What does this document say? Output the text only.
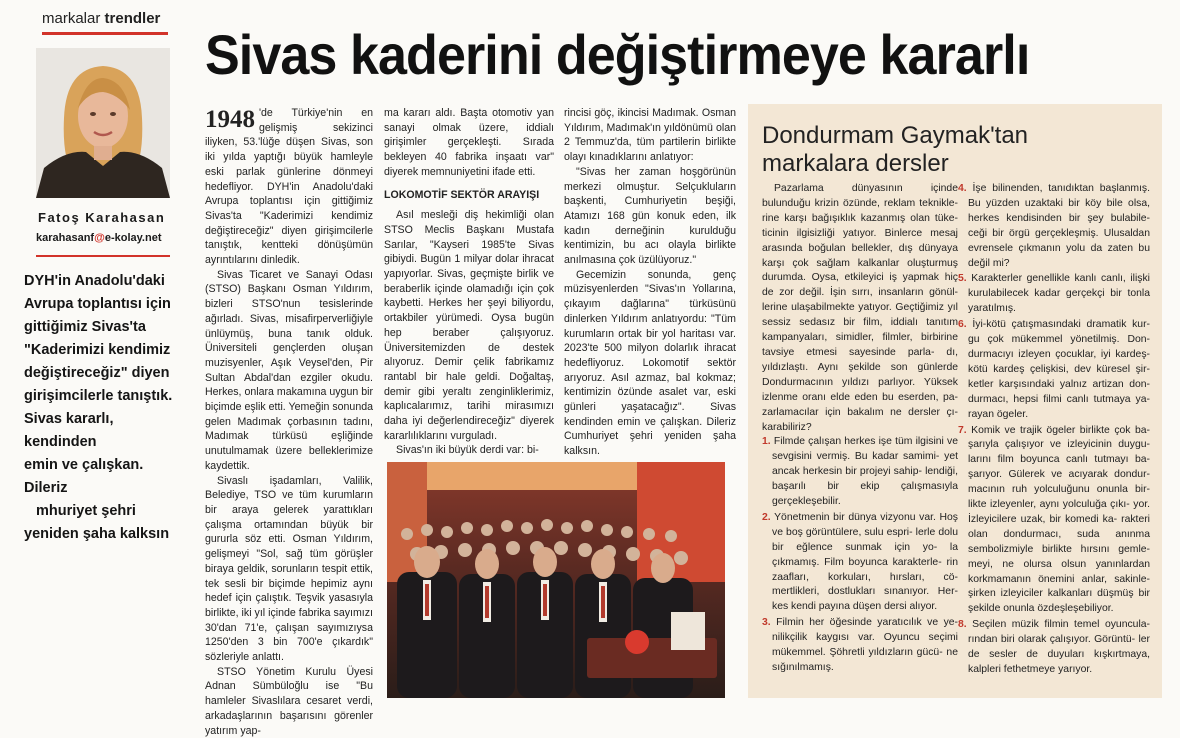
markalar trendler
Sivas kaderini değiştirmeye kararlı
Fatoş Karahasan
karahasanf@e-kolay.net

DYH'in Anadolu'daki

Avrupa toplantısı için

gittiğimiz Sivas'ta

"Kaderimizi kendimiz

değiştireceğiz" diyen

girişimcilerle tanıştık.

Sivas kararlı, kendinden

emin ve çalışkan. Dileriz

mhuriyet şehri

yeniden şaha kalksın

1948 'de Türkiye'nin en gelişmiş sekizinci iliyken, 53.'lüğe düşen Sivas, son iki yılda yaptığı büyük hamleyle eski parlak günlerine dönmeyi hedefliyor. DYH'in Anadolu'daki Avrupa toplantısı için gittiğimiz Sivas'ta "Kaderimizi kendimiz değiştireceğiz" diyen girişimcilerle tanıştık, kentteki dönüşümün ayrıntılarını dinledik.

Sivas Ticaret ve Sanayi Odası (STSO) Başkanı Osman Yıldırım, bizleri STSO'nun tesislerinde ağırladı. Sivas, misafirperverliğiyle ünlüymüş, buna tanık olduk. Üniversiteli gençlerden oluşan muzisyenler, Aşık Veysel'den, Pir Sultan Abdal'dan ezgiler okudu. Herkes, onlara makamına uygun bir biçimde eşlik etti. Yemeğin sonunda gelen Madımak çorbasının tadını, Madımak türküsü eşliğinde unutulmamak üzere belleklerimize kaydettik.

Sivaslı işadamları, Valilik, Belediye, TSO ve tüm kurumların bir araya gelerek yarattıkları çalışma ortamından büyük bir gururla söz etti. Osman Yıldırım, gelişmeyi "Sol, sağ tüm görüşler biraya geldik, sorunların tespit ettik, tek sesli bir biçimde hepimiz aynı hedef için çalıştık. Teşvik yasasıyla birlikte, iki yıl içinde fabrika sayımızı 30'dan 71'e, çalışan sayımızıysa 1250'den 3 bin 700'e çıkardık" sözleriyle anlattı.

STSO Yönetim Kurulu Üyesi Adnan Sümbüloğlu ise "Bu hamleler Sivaslılara cesaret verdi, arkadaşlarının başarısını görenler yatırım yap-

ma kararı aldı. Başta otomotiv yan sanayi olmak üzere, iddialı girişimler gerçekleşti. Sırada bekleyen 40 fabrika inşaatı var" diyerek memnuniyetini ifade etti.

LOKOMOTİF SEKTÖR ARAYIŞI

Asıl mesleği diş hekimliği olan STSO Meclis Başkanı Mustafa Sarılar, "Kayseri 1985'te Sivas gibiydi. Bugün 1 milyar dolar ihracat yapıyorlar. Sivas, geçmişte birlik ve beraberlik içinde olamadığı için çok kaybetti. Herkes her şeyi biliyordu, ortakbiler yürümedi. Oysa bugün hep beraber çalışıyoruz. Üniversitemizden de destek alıyoruz. Demir çelik fabrikamız rantabl bir hale geldi. Doğaltaş, demir gibi yeraltı zenginliklerimiz, kaplıcalarımız, tarihi mirasımızı daha iyi değerlendireceğiz" diyerek kararlılıklarını vurguladı.

Sivas'ın iki büyük derdi var: bi-

rincisi göç, ikincisi Madımak. Osman Yıldırım, Madımak'ın yıldönümü olan 2 Temmuz'da, tüm partilerin birlikte olayı kınadıklarını anlatıyor:

"Sivas her zaman hoşgörünün merkezi olmuştur. Selçukluların başkenti, Cumhuriyetin beşiği, Atamızı 168 gün konuk eden, ilk kadın derneğinin kurulduğu kentimizin, bu acı olayla birlikte anılmasına çok üzülüyoruz."

Gecemizin sonunda, genç müzisyenlerden "Sivas'ın Yollarına, çıkayım dağlarına" türküsünü dinlerken Yıldırım anlatıyordu: "Tüm kurumların ortak bir yol haritası var. 2023'te 500 milyon dolarlık ihracat hedefliyoruz. Lokomotif sektör arıyoruz. Asıl azmaz, bal kokmaz; kentimizin özünde asalet var, eski günleri yaşatacağız". Sivas kendinden emin ve çalışkan. Dileriz Cumhuriyet şehri yeniden şaha kalksın.

Dondurmam Gaymak'tan
markalara dersler

Pazarlama dünyasının içinde bulunduğu krizin özünde, reklam teknikle- rine karşı bağışıklık kazanmış olan tüke- ticinin ilgisizliği yatıyor. Binlerce mesaj arasında boğulan bellekler, dış dünyaya karşı çok sağlam kalkanlar oluşturmuş durumda. Oysa, etkileyici iş yapmak hiç de zor değil. İşin sırrı, insanların gönül- lerine ulaşabilmekte yatıyor. Geçtiğimiz yıl sessiz sedasız bir film, iddialı tanıtım kampanyaları, simidler, filmler, birbirine tavsiye etmesi sayesinde parla- dı, yıldızlaştı. Aynı şekilde son günlerde Dondurmacının yıldızı parlıyor. Yüksek izlenme oranı elde eden bu eserden, pa- zarlamacılar için bakalım ne dersler çı- karabiliriz?

1. Filmde çalışan herkes işe tüm ilgisini ve sevgisini vermiş. Bu kadar samimi- yet ancak herkesin bir projeyi sahip- lendiği, başarılı bir ekip çalışmasıyla gerçekleşebilir.

2. Yönetmenin bir dünya vizyonu var. Hoş ve boş görüntülere, sulu espri- lerle dolu bir eğlence sunmak için yo- la çıkmamış. Film boyunca karakterle- rin zaafları, korkuları, hırsları, cö- mertlikleri, dostlukları sınanıyor. Her- kes kendi payına düşen dersi alıyor.

3. Filmin her öğesinde yaratıcılık ve ye- nilikçilik kaygısı var. Oyuncu seçimi mükemmel. Şöhretli yıldızların gücü- ne sığınılmamış.

4. İşe bilinenden, tanıdıktan başlanmış. Bu yüzden uzaktaki bir köy bile olsa, herkes kendisinden bir şey bulabile- ceği bir örgü gerçekleşmiş. Ulusaldan evrensele çıkmanın yolu da zaten bu değil mi?

5. Karakterler genellikle kanlı canlı, ilişki kurulabilecek kadar gerçekçi bir tonla yaratılmış.

6. İyi-kötü çatışmasındaki dramatik kur- gu çok mükemmel yönetilmiş. Don- durmacıyı izleyen çocuklar, iyi kardeş- kötü kardeş çelişkisi, dev küresel şir- ketler karşısındaki yalnız artizan don- durmacı, hepsi filmi canlı tutmaya ya- rayan ögeler.

7. Komik ve trajik ögeler birlikte çok ba- şarıyla çalışıyor ve izleyicinin duygu- larını film boyunca canlı tutmayı ba- şarıyor. Gülerek ve acıyarak dondur- macının ruh yolculuğunu onunla bir- likte izleyenler, aynı yolculuğa çıkı- yor. İzleyicilere uzak, bir komedi ka- rakteri olan dondurmacı, suda anınma sembolizmiyle birlikte hırsını gemle- meyi, ne olursa olsun yanınlardan korkmamanın önemini anlar, sakinle- şirken izleyiciler kalkanları düşmüş bir şekilde onunla özdeşleşebiliyor.

8. Seçilen müzik filmin temel oyuncula- rından biri olarak çalışıyor. Görüntü- ler de sesler de duyuları kışkırtmaya, kalpleri fethetmeye yarıyor.
